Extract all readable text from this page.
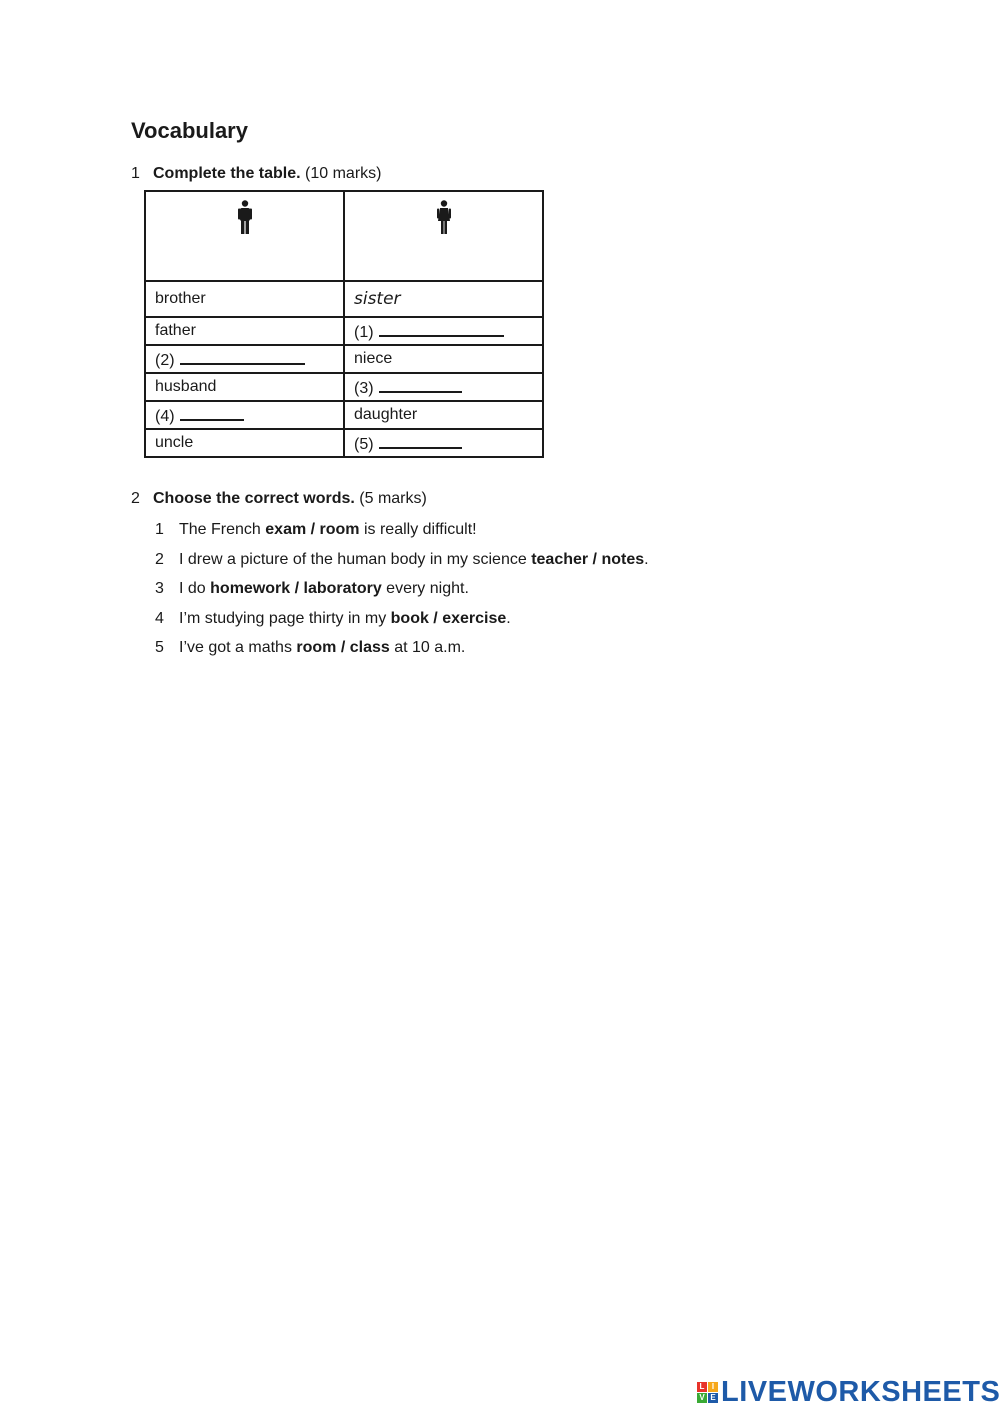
Vocabulary
1 Complete the table.
(10 marks)

brother	sister
father	(1)
(2)	niece
husband	(3)
(4)	daughter
uncle	(5)
2 Choose the correct words.
(5 marks)
1 The French exam / room is really difficult!
2 I drew a picture of the human body in my science teacher / notes .
3 I do homework / laboratory every night.
4 I’m studying page thirty in my book / exercise .
5 I’ve got a maths room / class at 10 a.m.
L I
V E LIVEWORKSHEETS
